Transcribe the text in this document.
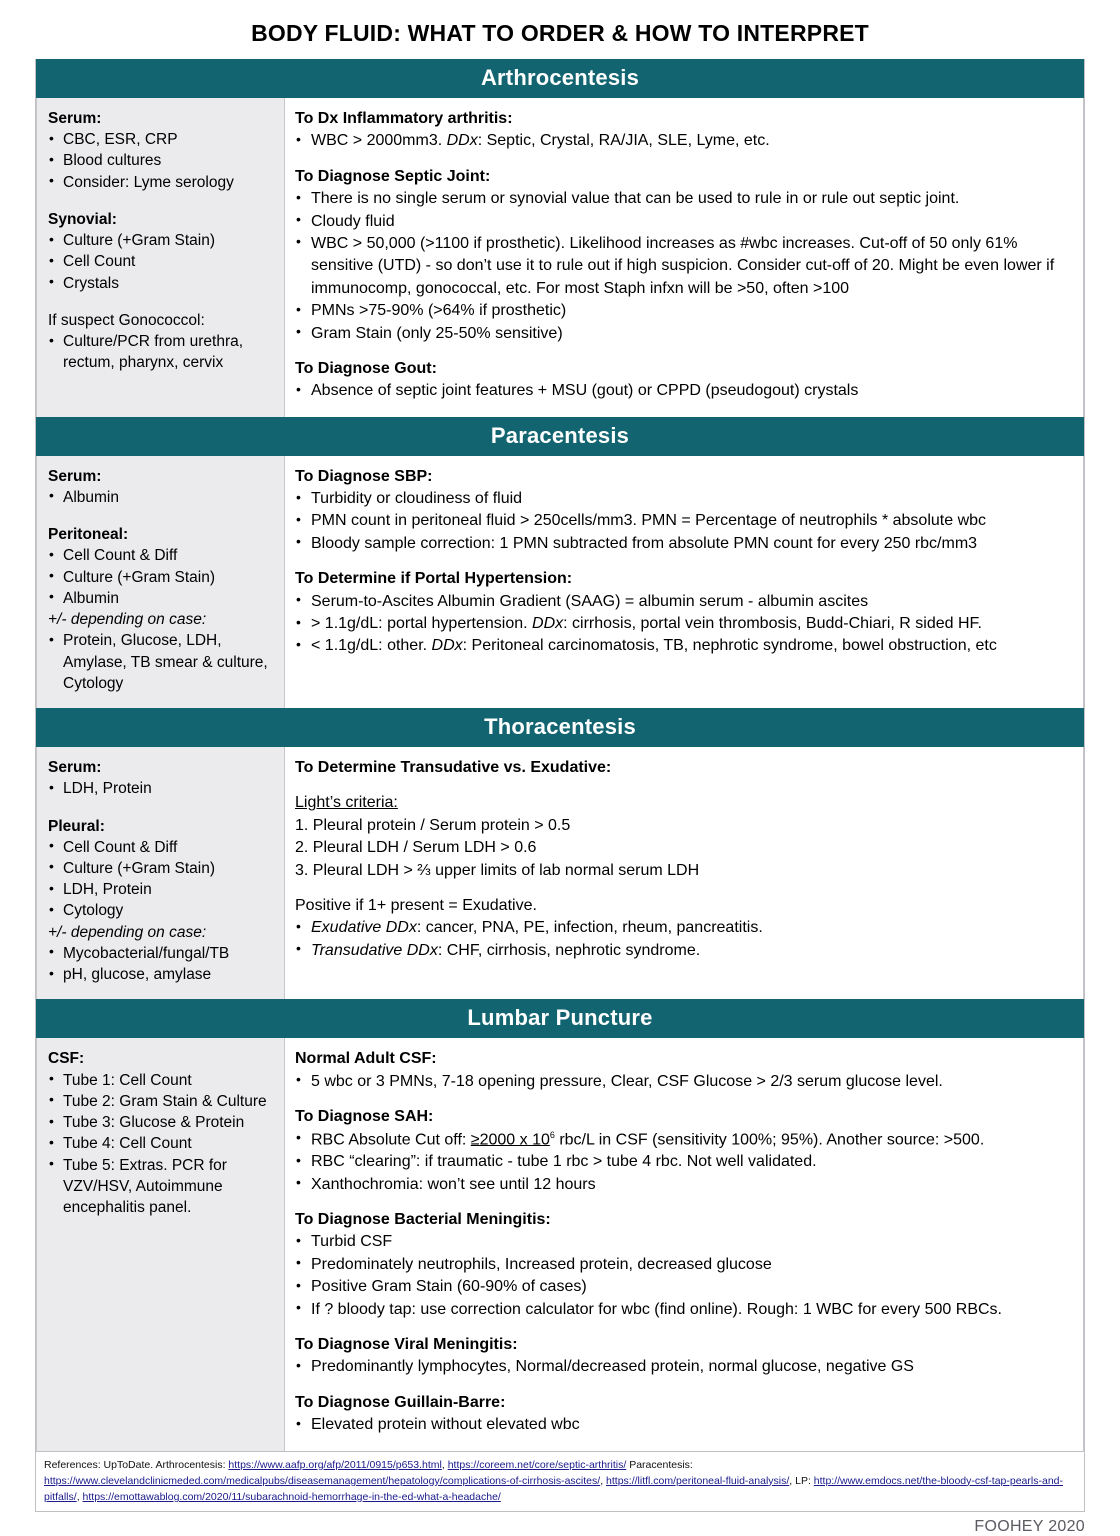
BODY FLUID: WHAT TO ORDER & HOW TO INTERPRET
Arthrocentesis
Serum:
• CBC, ESR, CRP
• Blood cultures
• Consider: Lyme serology
Synovial:
• Culture (+Gram Stain)
• Cell Count
• Crystals
If suspect Gonococcol:
• Culture/PCR from urethra, rectum, pharynx, cervix
To Dx Inflammatory arthritis:
• WBC > 2000mm3. DDx: Septic, Crystal, RA/JIA, SLE, Lyme, etc.
To Diagnose Septic Joint:
• There is no single serum or synovial value that can be used to rule in or rule out septic joint.
• Cloudy fluid
• WBC > 50,000 (>1100 if prosthetic). Likelihood increases as #wbc increases. Cut-off of 50 only 61% sensitive (UTD) - so don’t use it to rule out if high suspicion. Consider cut-off of 20. Might be even lower if immunocomp, gonococcal, etc. For most Staph infxn will be >50, often >100
• PMNs >75-90% (>64% if prosthetic)
• Gram Stain (only 25-50% sensitive)
To Diagnose Gout:
• Absence of septic joint features + MSU (gout) or CPPD (pseudogout) crystals
Paracentesis
Serum:
• Albumin
Peritoneal:
• Cell Count & Diff
• Culture (+Gram Stain)
• Albumin
+/- depending on case:
• Protein, Glucose, LDH, Amylase, TB smear & culture, Cytology
To Diagnose SBP:
• Turbidity or cloudiness of fluid
• PMN count in peritoneal fluid > 250cells/mm3. PMN = Percentage of neutrophils * absolute wbc
• Bloody sample correction: 1 PMN subtracted from absolute PMN count for every 250 rbc/mm3
To Determine if Portal Hypertension:
• Serum-to-Ascites Albumin Gradient (SAAG) = albumin serum - albumin ascites
• > 1.1g/dL: portal hypertension. DDx: cirrhosis, portal vein thrombosis, Budd-Chiari, R sided HF.
• < 1.1g/dL: other. DDx: Peritoneal carcinomatosis, TB, nephrotic syndrome, bowel obstruction, etc
Thoracentesis
Serum:
• LDH, Protein
Pleural:
• Cell Count & Diff
• Culture (+Gram Stain)
• LDH, Protein
• Cytology
+/- depending on case:
• Mycobacterial/fungal/TB
• pH, glucose, amylase
To Determine Transudative vs. Exudative:
Light’s criteria:
1. Pleural protein / Serum protein > 0.5
2. Pleural LDH / Serum LDH > 0.6
3. Pleural LDH > ⅔ upper limits of lab normal serum LDH
Positive if 1+ present = Exudative.
• Exudative DDx: cancer, PNA, PE, infection, rheum, pancreatitis.
• Transudative DDx: CHF, cirrhosis, nephrotic syndrome.
Lumbar Puncture
CSF:
• Tube 1: Cell Count
• Tube 2: Gram Stain & Culture
• Tube 3: Glucose & Protein
• Tube 4: Cell Count
• Tube 5: Extras. PCR for VZV/HSV, Autoimmune encephalitis panel.
Normal Adult CSF:
• 5 wbc or 3 PMNs, 7-18 opening pressure, Clear, CSF Glucose > 2/3 serum glucose level.
To Diagnose SAH:
• RBC Absolute Cut off: ≥2000 x $10^6$ rbc/L in CSF (sensitivity 100%; 95%). Another source: >500.
• RBC “clearing”: if traumatic - tube 1 rbc > tube 4 rbc. Not well validated.
• Xanthochromia: won’t see until 12 hours
To Diagnose Bacterial Meningitis:
• Turbid CSF
• Predominately neutrophils, Increased protein, decreased glucose
• Positive Gram Stain (60-90% of cases)
• If ? bloody tap: use correction calculator for wbc (find online). Rough: 1 WBC for every 500 RBCs.
To Diagnose Viral Meningitis:
• Predominantly lymphocytes, Normal/decreased protein, normal glucose, negative GS
To Diagnose Guillain-Barre:
• Elevated protein without elevated wbc
References: UpToDate. Arthrocentesis: https://www.aafp.org/afp/2011/0915/p653.html, https://coreem.net/core/septic-arthritis/ Paracentesis: https://www.clevelandclinicmeded.com/medicalpubs/diseasemanagement/hepatology/complications-of-cirrhosis-ascites/, https://litfl.com/peritoneal-fluid-analysis/, LP: http://www.emdocs.net/the-bloody-csf-tap-pearls-and-pitfalls/, https://emottawablog.com/2020/11/subarachnoid-hemorrhage-in-the-ed-what-a-headache/
FOOHEY 2020
